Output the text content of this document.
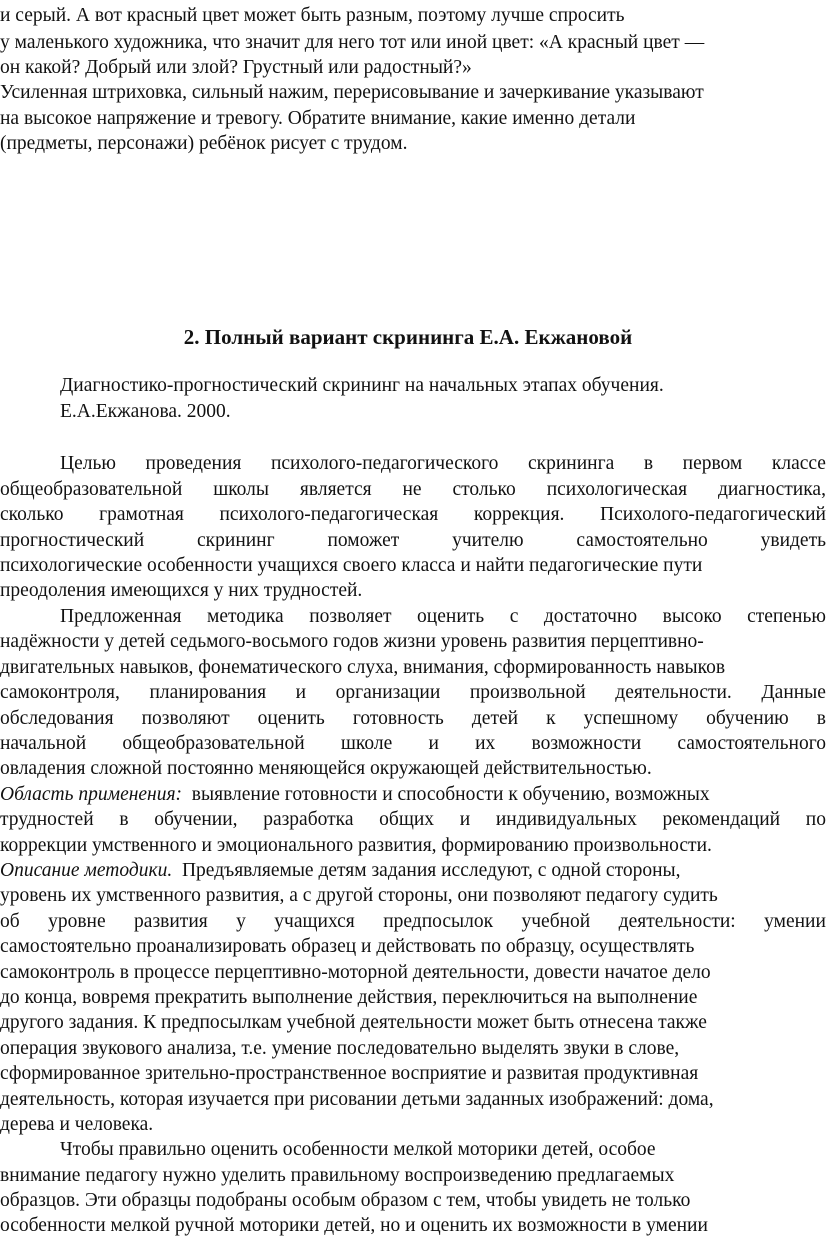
и серый. А вот красный цвет может быть разным, поэтому лучше спросить
у маленького художника, что значит для него тот или иной цвет: «А красный цвет —
он какой? Добрый или злой? Грустный или радостный?»
Усиленная штриховка, сильный нажим, перерисовывание и зачеркивание указывают
на высокое напряжение и тревогу. Обратите внимание, какие именно детали
(предметы, персонажи) ребёнок рисует с трудом.
2. Полный вариант скрининга Е.А. Екжановой
Диагностико-прогностический скрининг на начальных этапах обучения.
Е.А.Екжанова. 2000.
Целью проведения психолого-педагогического скрининга в первом классе
общеобразовательной школы является не столько психологическая диагностика,
сколько грамотная психолого-педагогическая коррекция. Психолого-педагогический
прогностический	скрининг	поможет	учителю	самостоятельно	увидеть
психологические особенности учащихся своего класса и найти педагогические пути
преодоления имеющихся у них трудностей.
Предложенная методика позволяет оценить с достаточно высоко степенью
надёжности у детей седьмого-восьмого годов жизни уровень развития перцептивно-
двигательных навыков, фонематического слуха, внимания, сформированность навыков
самоконтроля, планирования и организации произвольной деятельности. Данные
обследования позволяют оценить готовность детей к успешному обучению в
начальной общеобразовательной школе и их возможности самостоятельного
овладения сложной постоянно меняющейся окружающей действительностью.
Область применения: выявление готовности и способности к обучению, возможных
трудностей в обучении, разработка общих и индивидуальных рекомендаций по
коррекции умственного и эмоционального развития, формированию произвольности.
Описание методики. Предъявляемые детям задания исследуют, с одной стороны,
уровень их умственного развития, а с другой стороны, они позволяют педагогу судить
об уровне развития у учащихся предпосылок учебной деятельности: умении
самостоятельно проанализировать образец и действовать по образцу, осуществлять
самоконтроль в процессе перцептивно-моторной деятельности, довести начатое дело
до конца, вовремя прекратить выполнение действия, переключиться на выполнение
другого задания. К предпосылкам учебной деятельности может быть отнесена также
операция звукового анализа, т.е. умение последовательно выделять звуки в слове,
сформированное зрительно-пространственное восприятие и развитая продуктивная
деятельность, которая изучается при рисовании детьми заданных изображений: дома,
дерева и человека.
Чтобы правильно оценить особенности мелкой моторики детей, особое
внимание педагогу нужно уделить правильному воспроизведению предлагаемых
образцов. Эти образцы подобраны особым образом с тем, чтобы увидеть не только
особенности мелкой ручной моторики детей, но и оценить их возможности в умении
